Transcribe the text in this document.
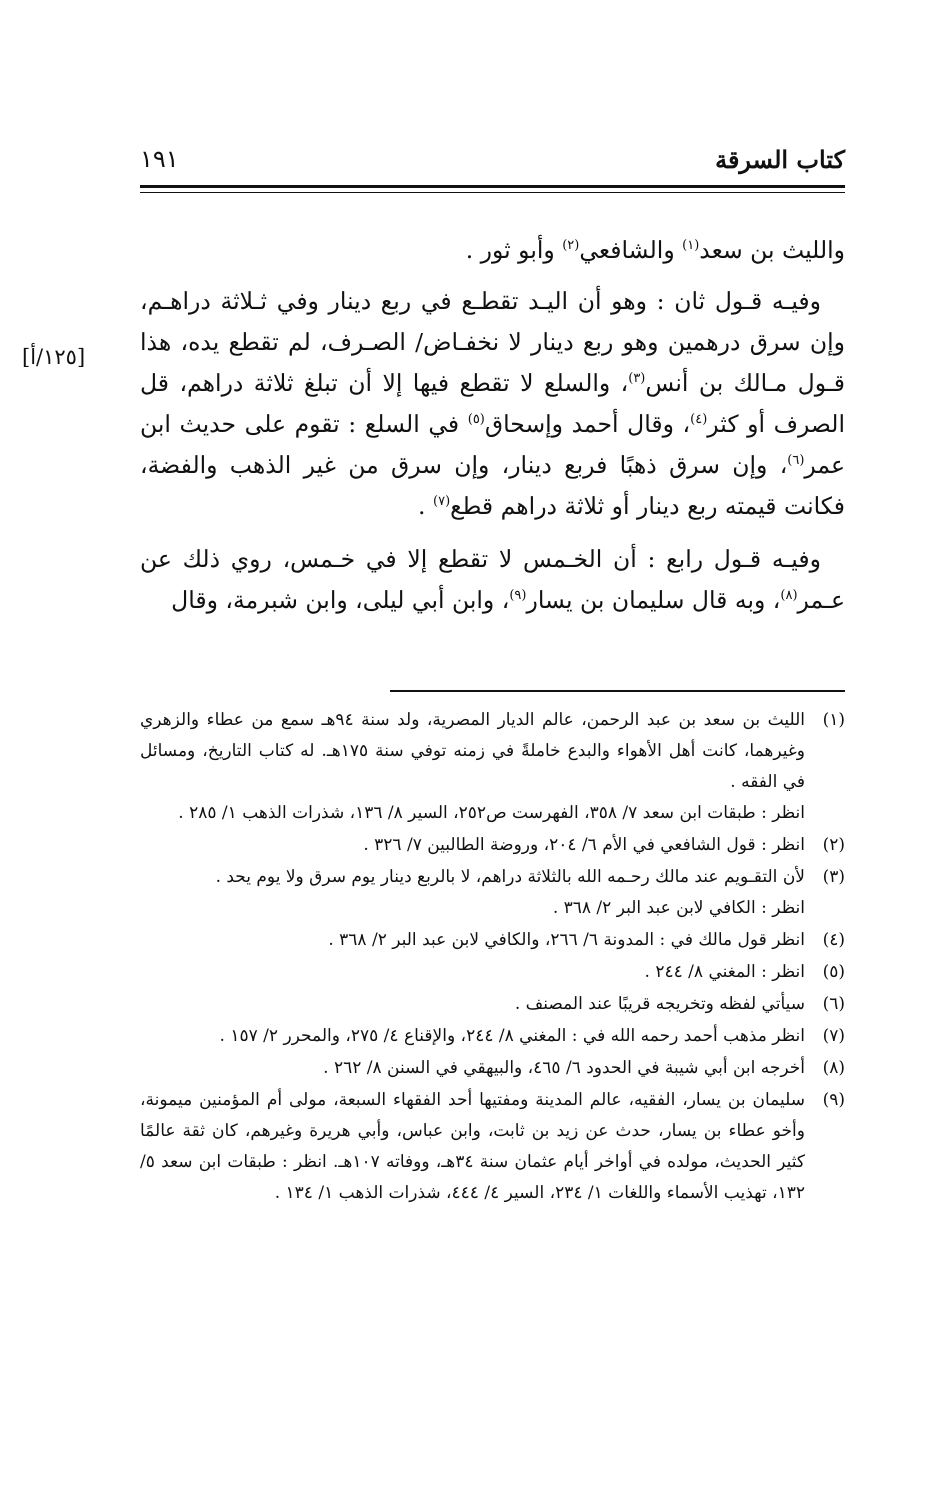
كتاب السرقة
١٩١
[١٢٥/أ]

والليث بن سعد$^{(١)}$ والشافعي$^{(٢)}$ وأبو ثور .

وفيـه قـول ثان : وهو أن اليـد تقطـع في ربع دينار وفي ثـلاثة دراهـم، وإن سرق درهمين وهو ربع دينار لا نخفـاض/ الصـرف، لم تقطع يده، هذا قـول مـالك بن أنس$^{(٣)}$، والسلع لا تقطع فيها إلا أن تبلغ ثلاثة دراهم، قل الصرف أو كثر$^{(٤)}$، وقال أحمد وإسحاق$^{(٥)}$ في السلع : تقوم على حديث ابن عمر$^{(٦)}$، وإن سرق ذهبًا فربع دينار، وإن سرق من غير الذهب والفضة، فكانت قيمته ربع دينار أو ثلاثة دراهم قطع$^{(٧)}$ .

وفيـه قـول رابع : أن الخـمس لا تقطع إلا في خـمس، روي ذلك عن عـمر$^{(٨)}$، وبه قال سليمان بن يسار$^{(٩)}$، وابن أبي ليلى، وابن شبرمة، وقال

(١)

الليث بن سعد بن عبد الرحمن، عالم الديار المصرية، ولد سنة ٩٤هـ سمع من عطاء والزهري وغيرهما، كانت أهل الأهواء والبدع خاملةً في زمنه توفي سنة ١٧٥هـ. له كتاب التاريخ، ومسائل في الفقه .

انظر : طبقات ابن سعد ٧/ ٣٥٨، الفهرست ص٢٥٢، السير ٨/ ١٣٦، شذرات الذهب ١/ ٢٨٥ .

(٢)

انظر : قول الشافعي في الأم ٦/ ٢٠٤، وروضة الطالبين ٧/ ٣٢٦ .

(٣)

لأن التقـويم عند مالك رحـمه الله بالثلاثة دراهم، لا بالربع دينار يوم سرق ولا يوم يحد .

انظر : الكافي لابن عبد البر ٢/ ٣٦٨ .

(٤)

انظر قول مالك في : المدونة ٦/ ٢٦٦، والكافي لابن عبد البر ٢/ ٣٦٨ .

(٥)

انظر : المغني ٨/ ٢٤٤ .

(٦)

سيأتي لفظه وتخريجه قريبًا عند المصنف .

(٧)

انظر مذهب أحمد رحمه الله في : المغني ٨/ ٢٤٤، والإقناع ٤/ ٢٧٥، والمحرر ٢/ ١٥٧ .

(٨)

أخرجه ابن أبي شيبة في الحدود ٦/ ٤٦٥، والبيهقي في السنن ٨/ ٢٦٢ .

(٩)

سليمان بن يسار، الفقيه، عالم المدينة ومفتيها أحد الفقهاء السبعة، مولى أم المؤمنين ميمونة، وأخو عطاء بن يسار، حدث عن زيد بن ثابت، وابن عباس، وأبي هريرة وغيرهم، كان ثقة عالمًا كثير الحديث، مولده في أواخر أيام عثمان سنة ٣٤هـ، ووفاته ١٠٧هـ. انظر : طبقات ابن سعد ٥/ ١٣٢، تهذيب الأسماء واللغات ١/ ٢٣٤، السير ٤/ ٤٤٤، شذرات الذهب ١/ ١٣٤ .
